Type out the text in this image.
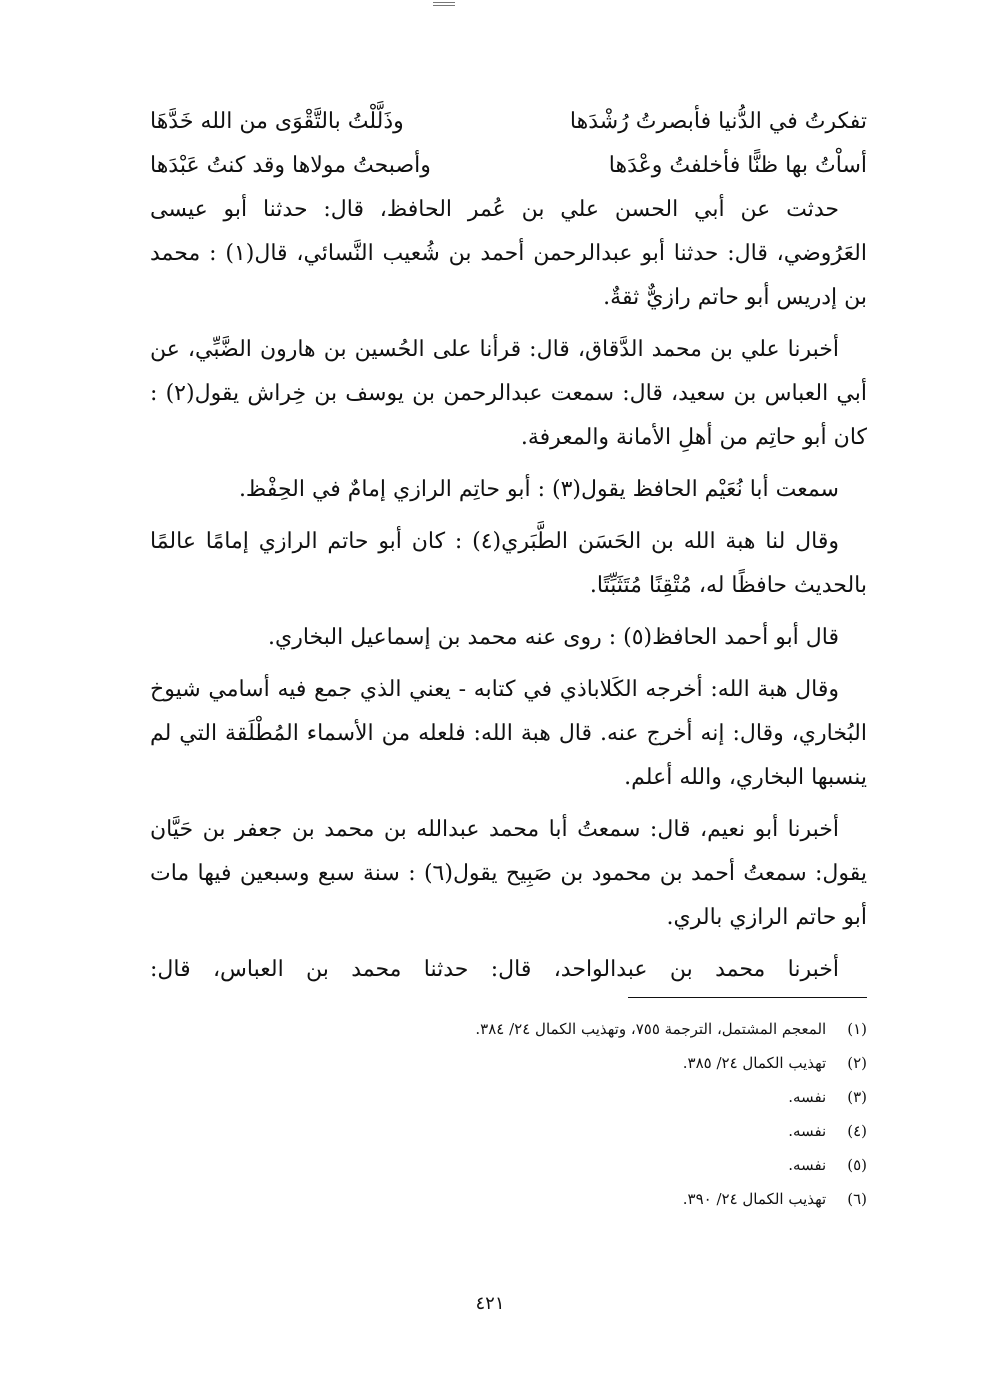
تفكرتُ في الدُّنيا فأبصرتُ رُشْدَها
وذَلَّلْتُ بالتَّقْوَى من الله خَدَّهَا
أساْتُ بها ظنًّا فأخلفتُ وعْدَها
وأصبحتُ مولاها وقد كنتُ عَبْدَها

حدثت عن أبي الحسن علي بن عُمر الحافظ، قال: حدثنا أبو عيسى العَرُوضي، قال: حدثنا أبو عبدالرحمن أحمد بن شُعيب النَّسائي، قال(١) : محمد بن إدريس أبو حاتم رازيٌّ ثقةٌ.

أخبرنا علي بن محمد الدَّقاق، قال: قرأنا على الحُسين بن هارون الضَّبِّي، عن أبي العباس بن سعيد، قال: سمعت عبدالرحمن بن يوسف بن خِراش يقول(٢) : كان أبو حاتِم من أهلِ الأمانة والمعرفة.

سمعت أبا نُعَيْم الحافظ يقول(٣) : أبو حاتِم الرازي إمامٌ في الحِفْظ.

وقال لنا هبة الله بن الحَسَن الطَّبَري(٤) : كان أبو حاتم الرازي إمامًا عالمًا بالحديث حافظًا له، مُتْقِنًا مُتَثَبِّتًا.

قال أبو أحمد الحافظ(٥) : روى عنه محمد بن إسماعيل البخاري.

وقال هبة الله: أخرجه الكَلاباذي في كتابه - يعني الذي جمع فيه أسامي شيوخ البُخاري، وقال: إنه أخرج عنه. قال هبة الله: فلعله من الأسماء المُطْلَقة التي لم ينسبها البخاري، والله أعلم.

أخبرنا أبو نعيم، قال: سمعتُ أبا محمد عبدالله بن محمد بن جعفر بن حَيَّان يقول: سمعتُ أحمد بن محمود بن صَبِيح يقول(٦) : سنة سبع وسبعين فيها مات أبو حاتم الرازي بالري.

أخبرنا محمد بن عبدالواحد، قال: حدثنا محمد بن العباس، قال:

(١) المعجم المشتمل، الترجمة ٧٥٥، وتهذيب الكمال ٢٤/ ٣٨٤.
(٢) تهذيب الكمال ٢٤/ ٣٨٥.
(٣) نفسه.
(٤) نفسه.
(٥) نفسه.
(٦) تهذيب الكمال ٢٤/ ٣٩٠.
٤٢١
